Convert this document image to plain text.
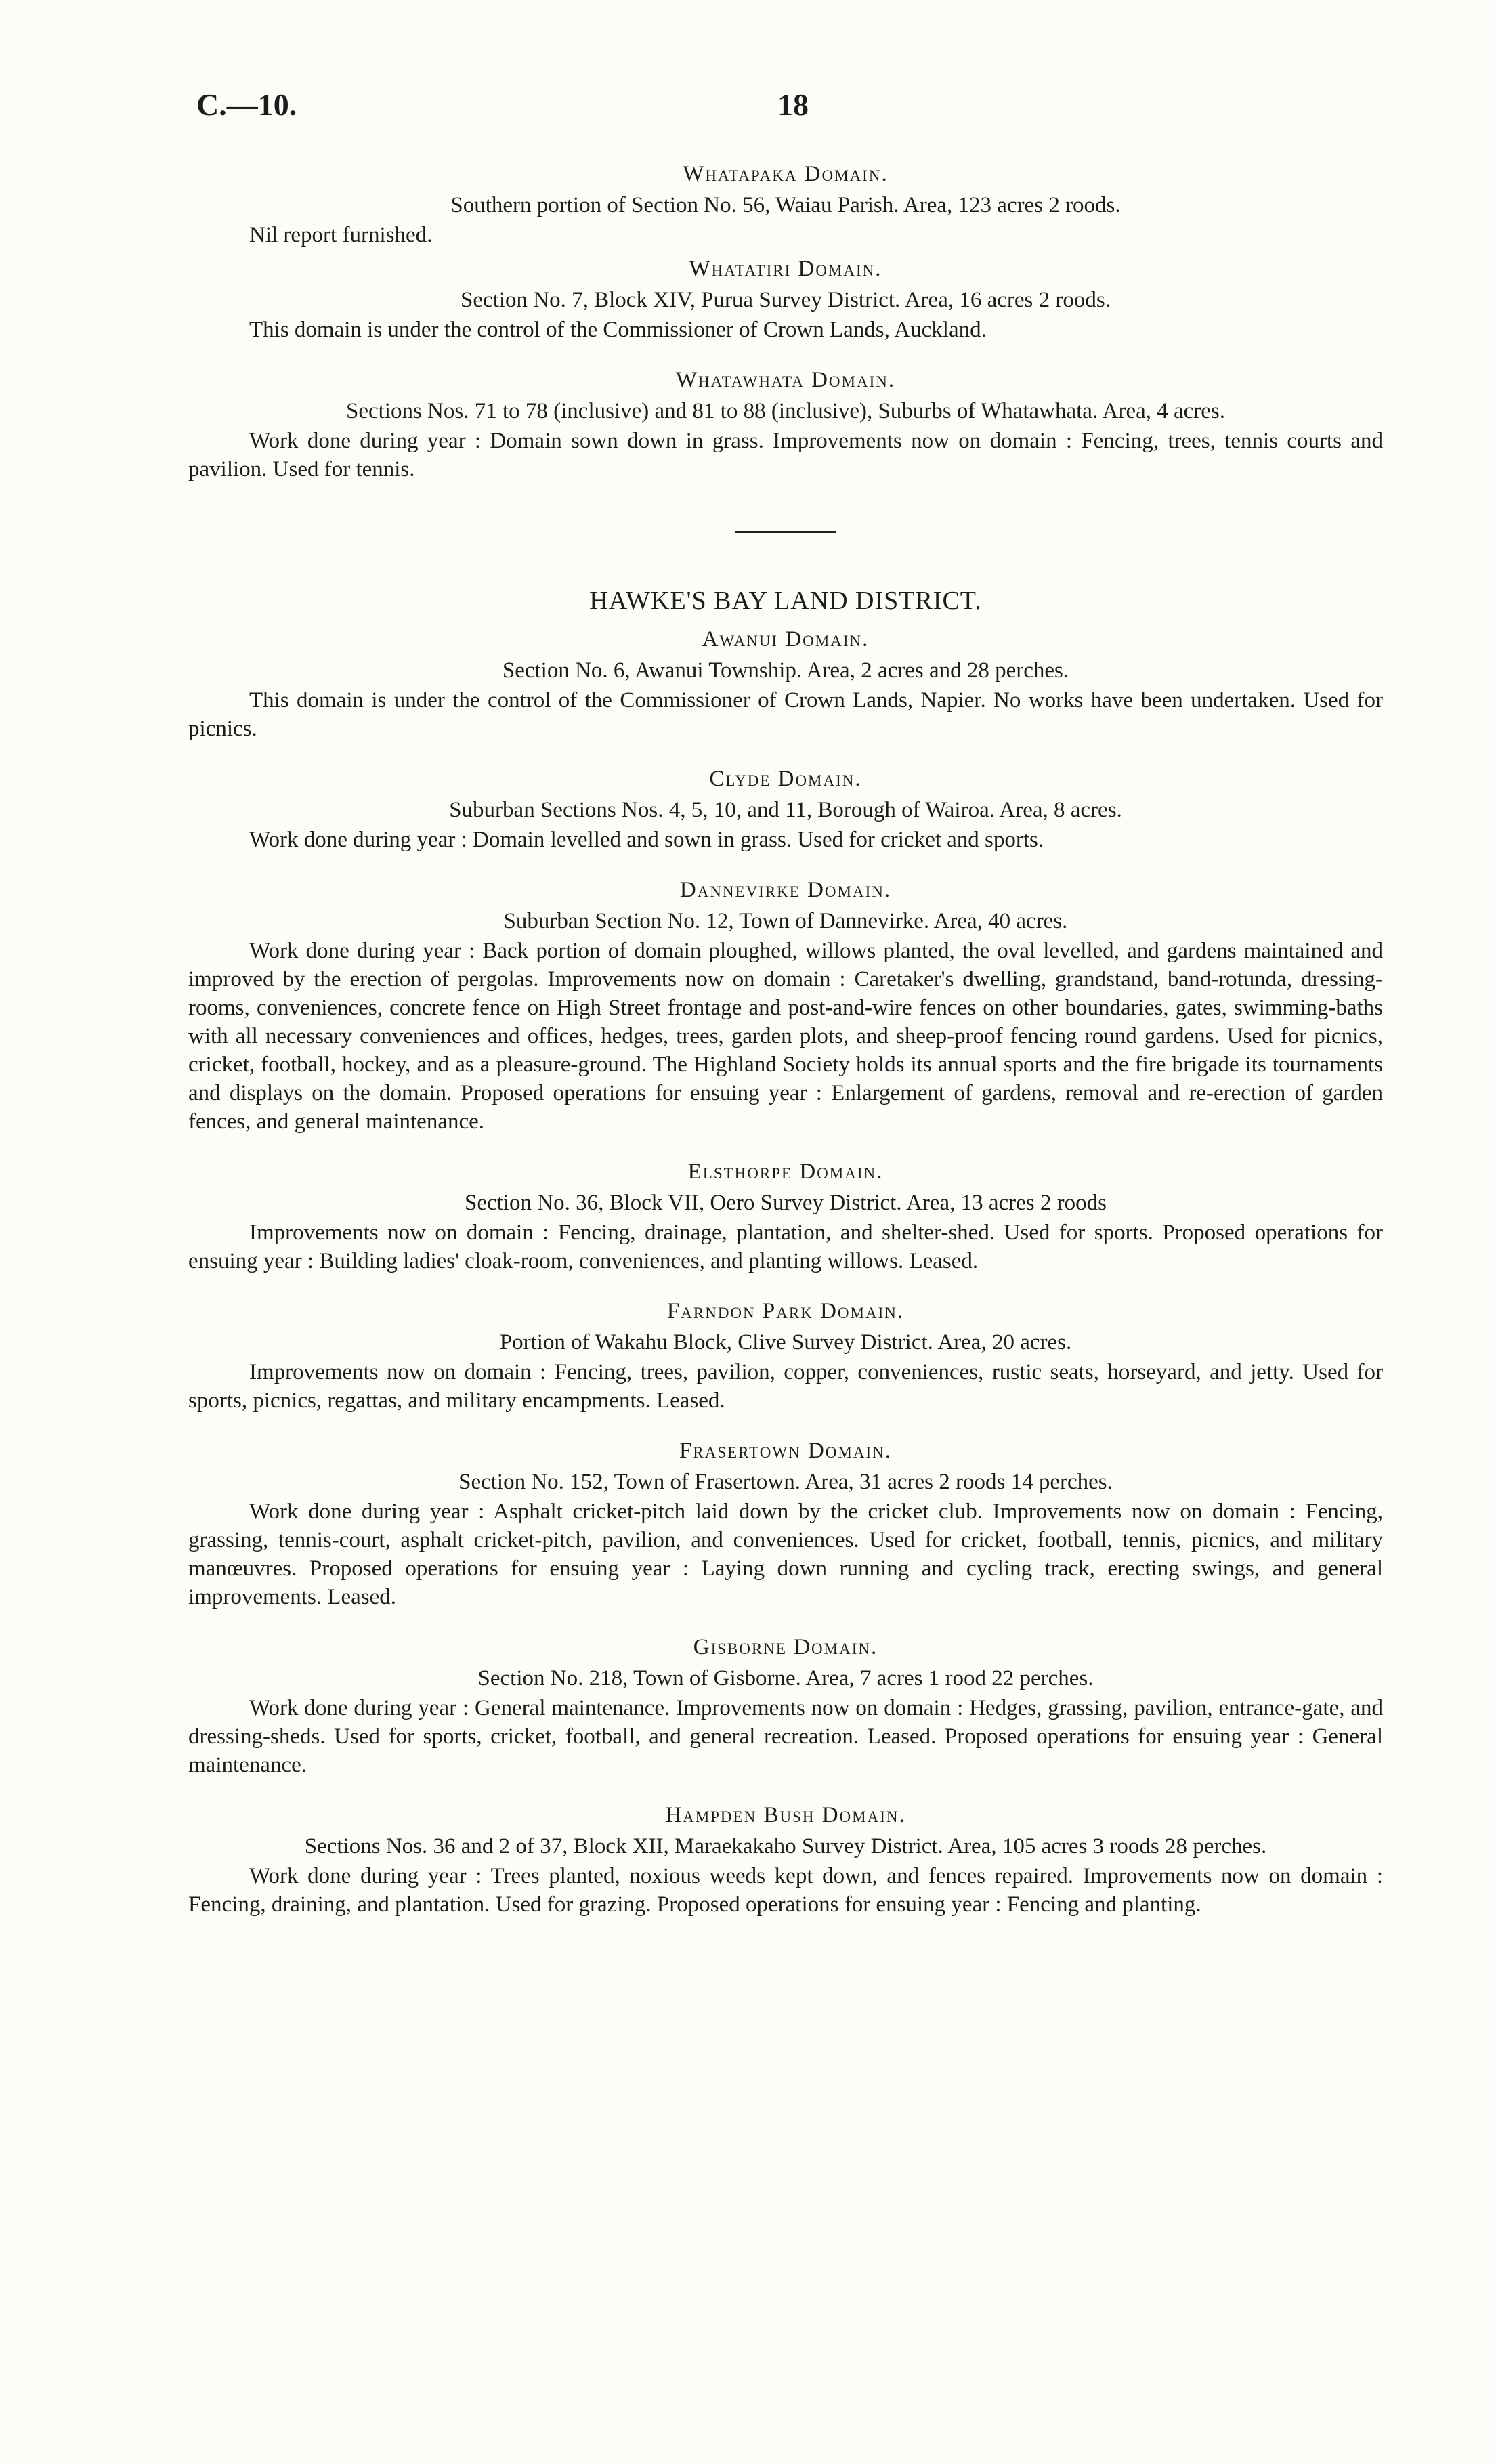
C.—10.	18
Whatapaka Domain.
Southern portion of Section No. 56, Waiau Parish. Area, 123 acres 2 roods.

Nil report furnished.

Whatatiri Domain.
Section No. 7, Block XIV, Purua Survey District. Area, 16 acres 2 roods.

This domain is under the control of the Commissioner of Crown Lands, Auckland.

Whatawhata Domain.
Sections Nos. 71 to 78 (inclusive) and 81 to 88 (inclusive), Suburbs of Whatawhata. Area, 4 acres.

Work done during year : Domain sown down in grass. Improvements now on domain : Fencing, trees, tennis courts and pavilion. Used for tennis.

HAWKE'S BAY LAND DISTRICT.
Awanui Domain.
Section No. 6, Awanui Township. Area, 2 acres and 28 perches.

This domain is under the control of the Commissioner of Crown Lands, Napier. No works have been undertaken. Used for picnics.

Clyde Domain.
Suburban Sections Nos. 4, 5, 10, and 11, Borough of Wairoa. Area, 8 acres.

Work done during year : Domain levelled and sown in grass. Used for cricket and sports.

Dannevirke Domain.
Suburban Section No. 12, Town of Dannevirke. Area, 40 acres.

Work done during year : Back portion of domain ploughed, willows planted, the oval levelled, and gardens maintained and improved by the erection of pergolas. Improvements now on domain : Caretaker's dwelling, grandstand, band-rotunda, dressing-rooms, conveniences, concrete fence on High Street frontage and post-and-wire fences on other boundaries, gates, swimming-baths with all necessary conveniences and offices, hedges, trees, garden plots, and sheep-proof fencing round gardens. Used for picnics, cricket, football, hockey, and as a pleasure-ground. The Highland Society holds its annual sports and the fire brigade its tournaments and displays on the domain. Proposed operations for ensuing year : Enlargement of gardens, removal and re-erection of garden fences, and general maintenance.

Elsthorpe Domain.
Section No. 36, Block VII, Oero Survey District. Area, 13 acres 2 roods

Improvements now on domain : Fencing, drainage, plantation, and shelter-shed. Used for sports. Proposed operations for ensuing year : Building ladies' cloak-room, conveniences, and planting willows. Leased.

Farndon Park Domain.
Portion of Wakahu Block, Clive Survey District. Area, 20 acres.

Improvements now on domain : Fencing, trees, pavilion, copper, conveniences, rustic seats, horseyard, and jetty. Used for sports, picnics, regattas, and military encampments. Leased.

Frasertown Domain.
Section No. 152, Town of Frasertown. Area, 31 acres 2 roods 14 perches.

Work done during year : Asphalt cricket-pitch laid down by the cricket club. Improvements now on domain : Fencing, grassing, tennis-court, asphalt cricket-pitch, pavilion, and conveniences. Used for cricket, football, tennis, picnics, and military manœuvres. Proposed operations for ensuing year : Laying down running and cycling track, erecting swings, and general improvements. Leased.

Gisborne Domain.
Section No. 218, Town of Gisborne. Area, 7 acres 1 rood 22 perches.

Work done during year : General maintenance. Improvements now on domain : Hedges, grassing, pavilion, entrance-gate, and dressing-sheds. Used for sports, cricket, football, and general recreation. Leased. Proposed operations for ensuing year : General maintenance.

Hampden Bush Domain.
Sections Nos. 36 and 2 of 37, Block XII, Maraekakaho Survey District. Area, 105 acres 3 roods 28 perches.

Work done during year : Trees planted, noxious weeds kept down, and fences repaired. Improvements now on domain : Fencing, draining, and plantation. Used for grazing. Proposed operations for ensuing year : Fencing and planting.
